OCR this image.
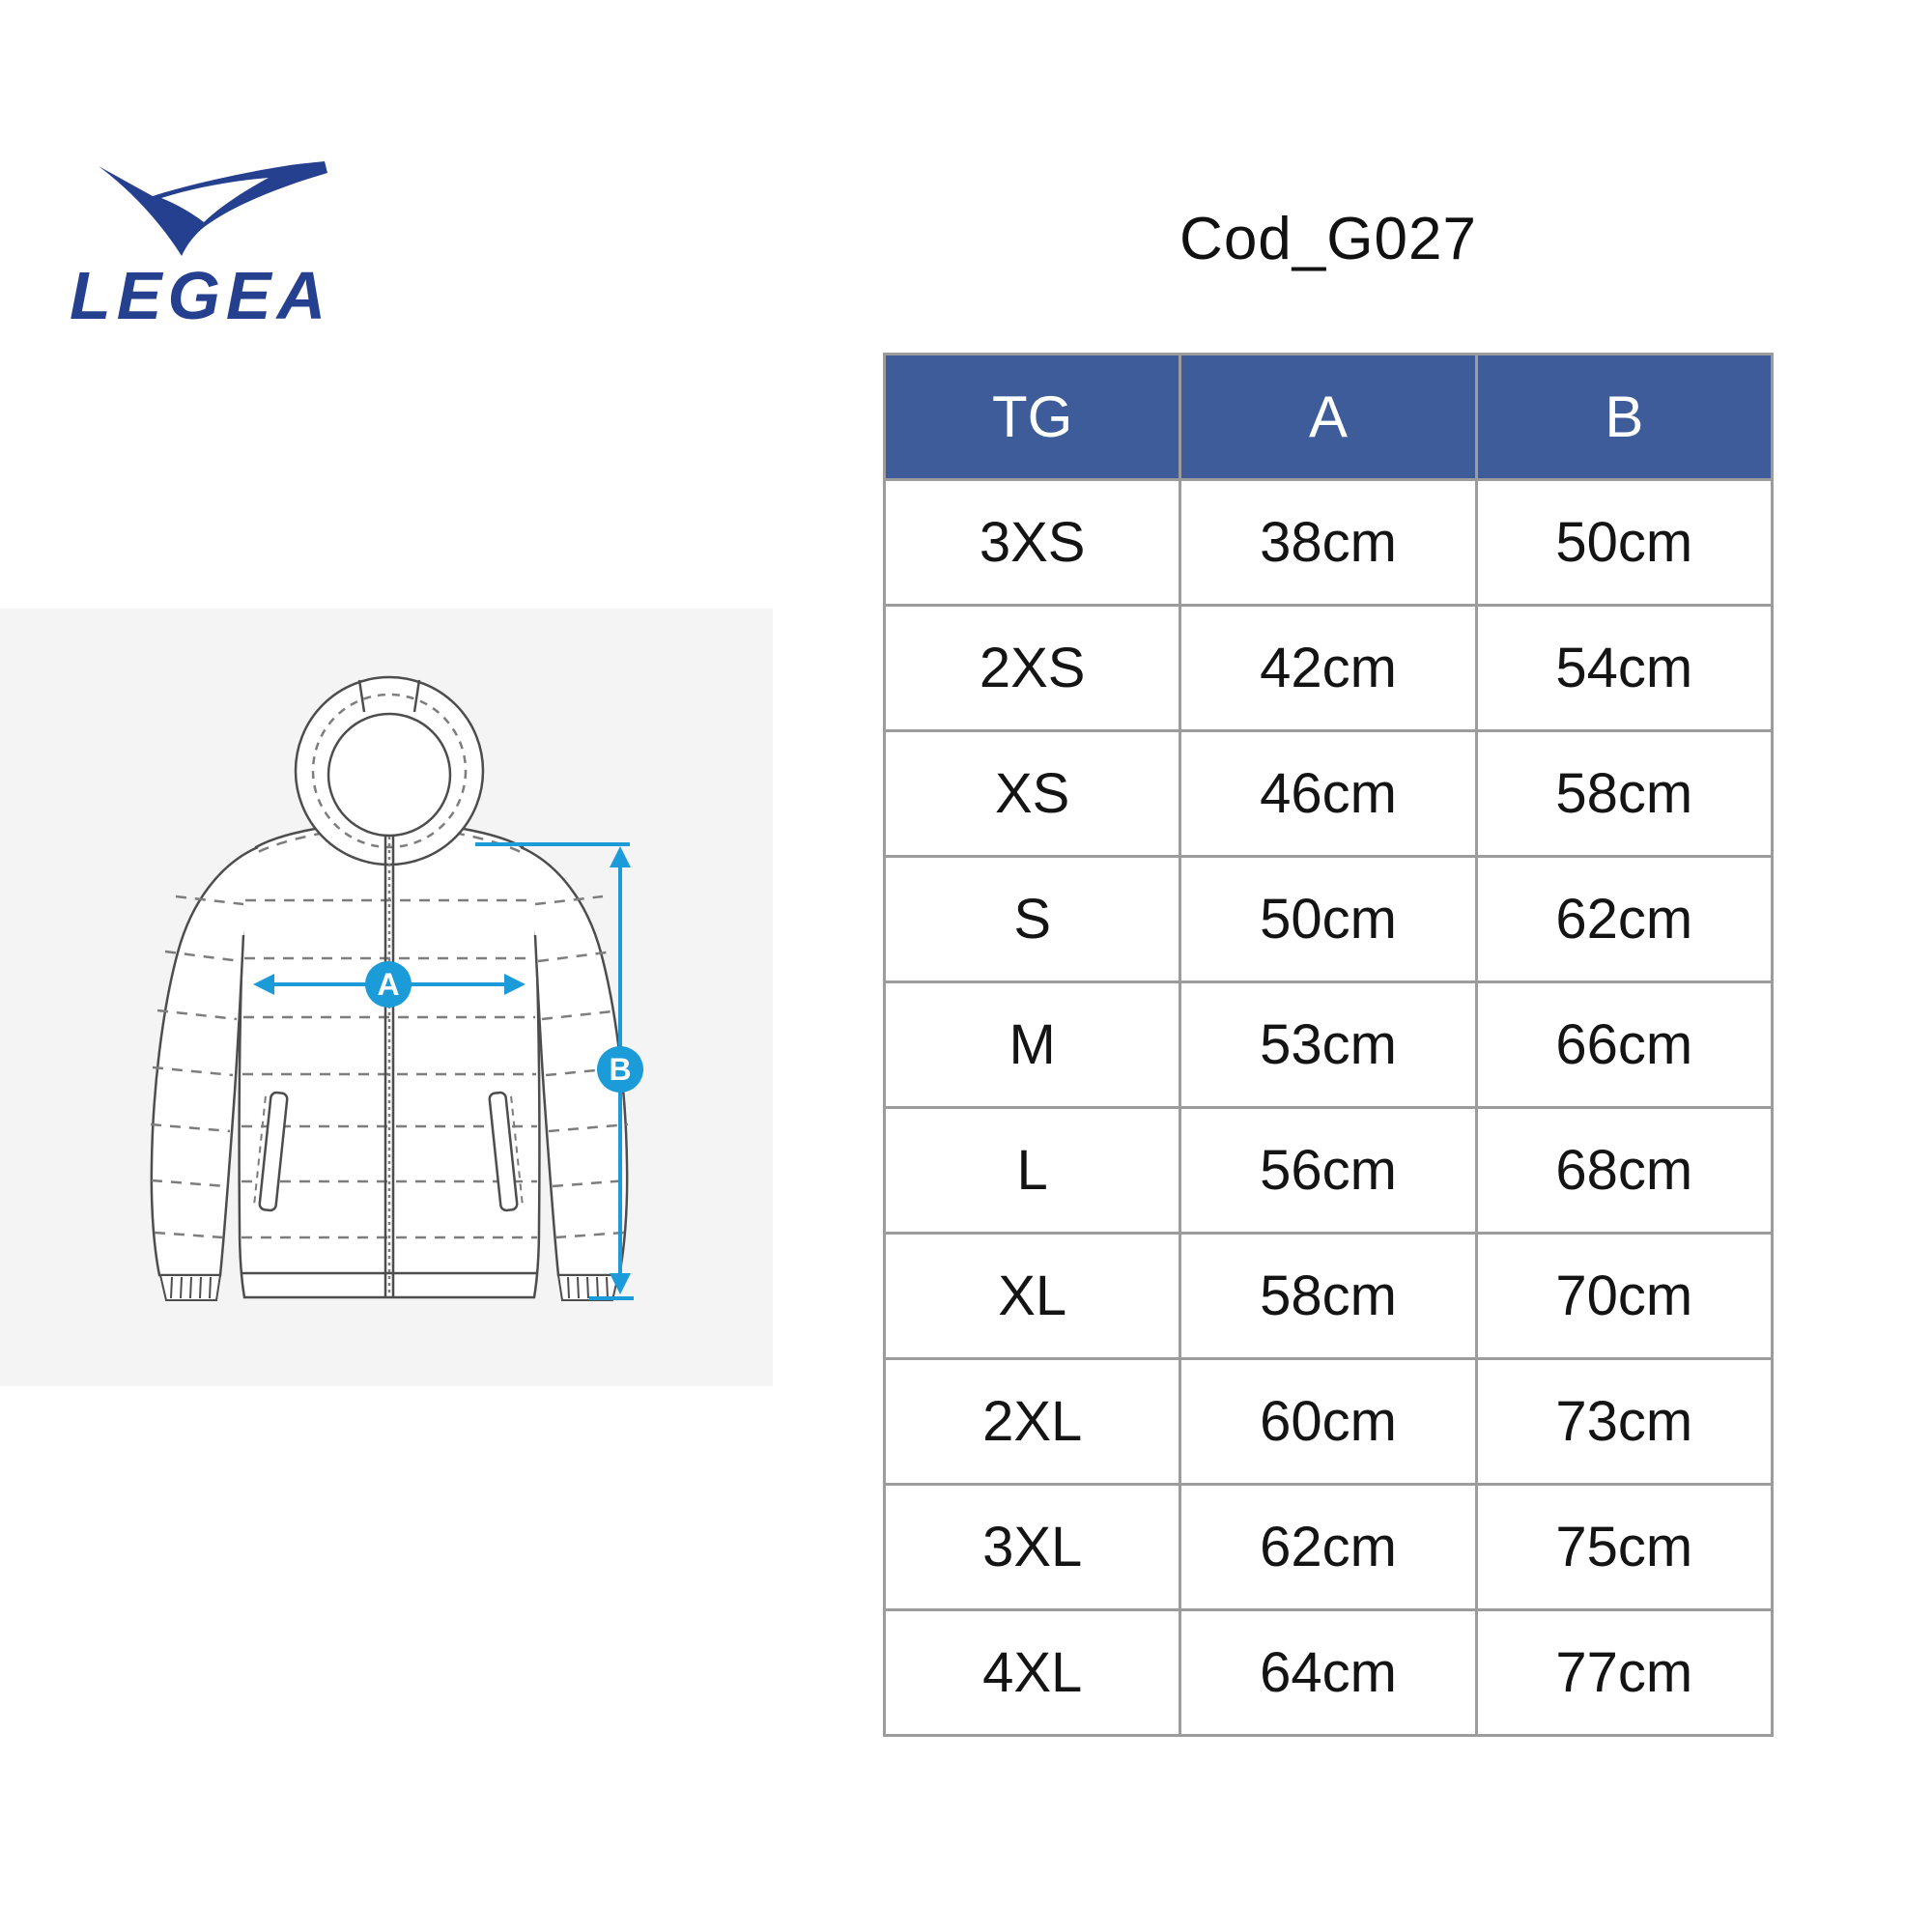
LEGEA
Cod_G027
A
B
TG	A	B
3XS	38cm	50cm
2XS	42cm	54cm
XS	46cm	58cm
S	50cm	62cm
M	53cm	66cm
L	56cm	68cm
XL	58cm	70cm
2XL	60cm	73cm
3XL	62cm	75cm
4XL	64cm	77cm
